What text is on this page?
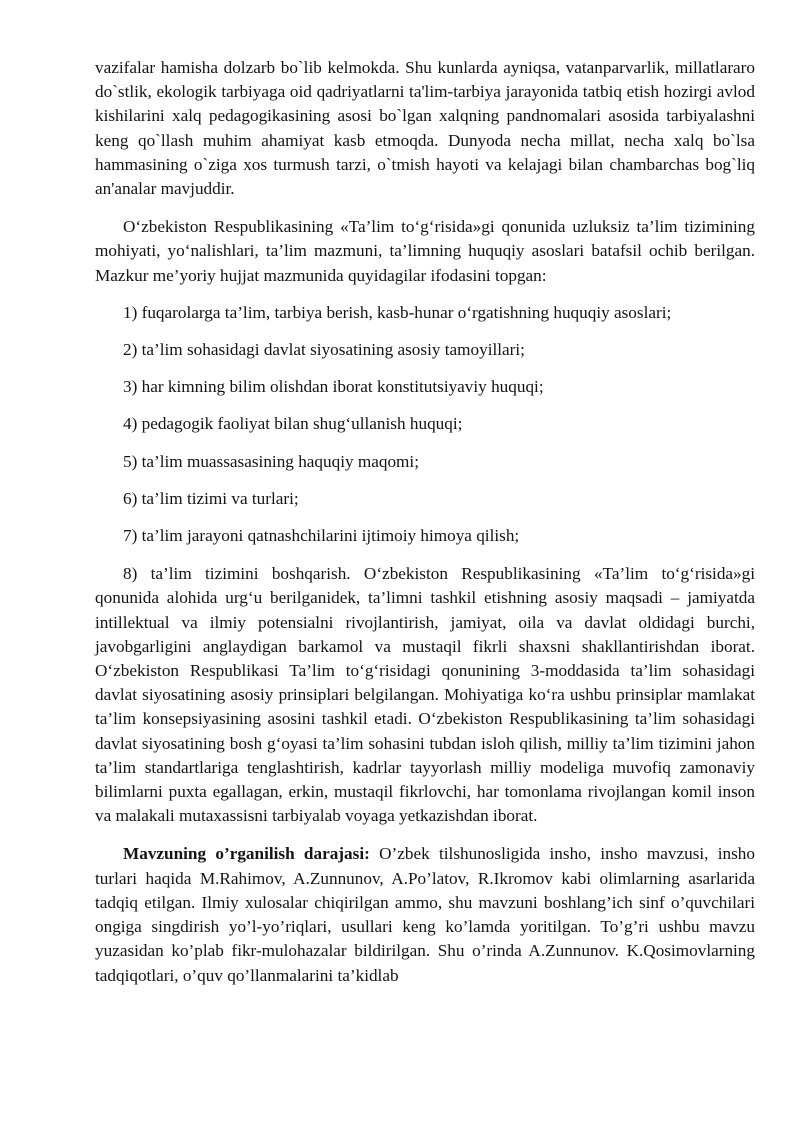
vazifalar hamisha dolzarb bo`lib kelmokda. Shu kunlarda ayniqsa, vatanparvarlik, millatlararo do`stlik, ekologik tarbiyaga oid qadriyatlarni ta'lim-tarbiya jarayonida tatbiq etish hozirgi avlod kishilarini xalq pedagogikasining asosi bo`lgan xalqning pandnomalari asosida tarbiyalashni keng qo`llash muhim ahamiyat kasb etmoqda. Dunyoda necha millat, necha xalq bo`lsa hammasining o`ziga xos turmush tarzi, o`tmish hayoti va kelajagi bilan chambarchas bog`liq an'analar mavjuddir.

O‘zbekiston Respublikasining «Ta’lim to‘g‘risida»gi qonunida uzluksiz ta’lim tizimining mohiyati, yo‘nalishlari, ta’lim mazmuni, ta’limning huquqiy asoslari batafsil ochib berilgan. Mazkur me’yoriy hujjat mazmunida quyidagilar ifodasini topgan:

1) fuqarolarga ta’lim, tarbiya berish, kasb-hunar o‘rgatishning huquqiy asoslari;

2) ta’lim sohasidagi davlat siyosatining asosiy tamoyillari;

3) har kimning bilim olishdan iborat konstitutsiyaviy huquqi;

4) pedagogik faoliyat bilan shug‘ullanish huquqi;

5) ta’lim muassasasining haquqiy maqomi;

6) ta’lim tizimi va turlari;

7) ta’lim jarayoni qatnashchilarini ijtimoiy himoya qilish;

8) ta’lim tizimini boshqarish. O‘zbekiston Respublikasining «Ta’lim to‘g‘risida»gi qonunida alohida urg‘u berilganidek, ta’limni tashkil etishning asosiy maqsadi – jamiyatda intillektual va ilmiy potensialni rivojlantirish, jamiyat, oila va davlat oldidagi burchi, javobgarligini anglaydigan barkamol va mustaqil fikrli shaxsni shakllantirishdan iborat. O‘zbekiston Respublikasi Ta’lim to‘g‘risidagi qonunining 3-moddasida ta’lim sohasidagi davlat siyosatining asosiy prinsiplari belgilangan. Mohiyatiga ko‘ra ushbu prinsiplar mamlakat ta’lim konsepsiyasining asosini tashkil etadi. O‘zbekiston Respublikasining ta’lim sohasidagi davlat siyosatining bosh g‘oyasi ta’lim sohasini tubdan isloh qilish, milliy ta’lim tizimini jahon ta’lim standartlariga tenglashtirish, kadrlar tayyorlash milliy modeliga muvofiq zamonaviy bilimlarni puxta egallagan, erkin, mustaqil fikrlovchi, har tomonlama rivojlangan komil inson va malakali mutaxassisni tarbiyalab voyaga yetkazishdan iborat.

Mavzuning o’rganilish darajasi: O’zbek tilshunosligida insho, insho mavzusi, insho turlari haqida M.Rahimov, A.Zunnunov, A.Po’latov, R.Ikromov kabi olimlarning asarlarida tadqiq etilgan. Ilmiy xulosalar chiqirilgan ammo, shu mavzuni boshlang’ich sinf o’quvchilari ongiga singdirish yo’l-yo’riqlari, usullari keng ko’lamda yoritilgan. To’g’ri ushbu mavzu yuzasidan ko’plab fikr-mulohazalar bildirilgan. Shu o’rinda A.Zunnunov. K.Qosimovlarning tadqiqotlari, o’quv qo’llanmalarini ta’kidlab
